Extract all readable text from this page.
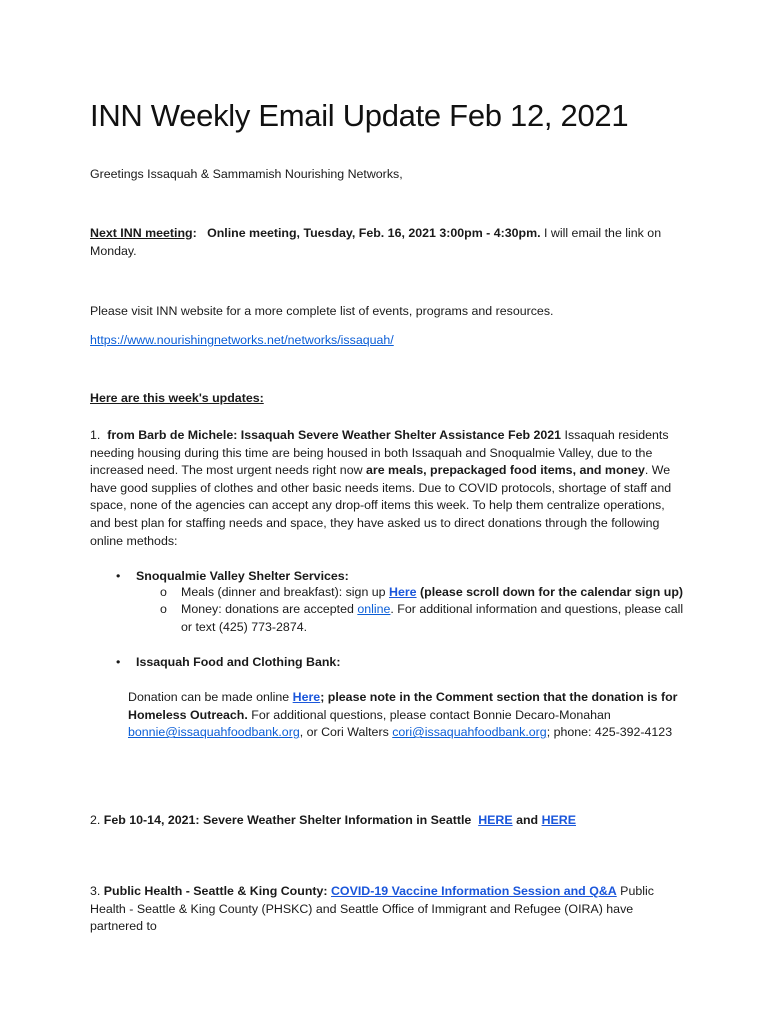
INN Weekly Email Update Feb 12, 2021

Greetings Issaquah & Sammamish Nourishing Networks,

Next INN meeting: Online meeting, Tuesday, Feb. 16, 2021 3:00pm - 4:30pm. I will email the link on Monday.

Please visit INN website for a more complete list of events, programs and resources.

https://www.nourishingnetworks.net/networks/issaquah/

Here are this week's updates:

1. from Barb de Michele: Issaquah Severe Weather Shelter Assistance Feb 2021 Issaquah residents needing housing during this time are being housed in both Issaquah and Snoqualmie Valley, due to the increased need. The most urgent needs right now are meals, prepackaged food items, and money. We have good supplies of clothes and other basic needs items. Due to COVID protocols, shortage of staff and space, none of the agencies can accept any drop-off items this week. To help them centralize operations, and best plan for staffing needs and space, they have asked us to direct donations through the following online methods:

• Snoqualmie Valley Shelter Services:
o Meals (dinner and breakfast): sign up Here (please scroll down for the calendar sign up)

o Money: donations are accepted online. For additional information and questions, please call or text (425) 773-2874.

• Issaquah Food and Clothing Bank:

Donation can be made online Here; please note in the Comment section that the donation is for Homeless Outreach. For additional questions, please contact Bonnie Decaro-Monahan bonnie@issaquahfoodbank.org, or Cori Walters cori@issaquahfoodbank.org; phone: 425-392-4123

2. Feb 10-14, 2021: Severe Weather Shelter Information in Seattle HERE and HERE

3. Public Health - Seattle & King County: COVID-19 Vaccine Information Session and Q&A Public Health - Seattle & King County (PHSKC) and Seattle Office of Immigrant and Refugee (OIRA) have partnered to
